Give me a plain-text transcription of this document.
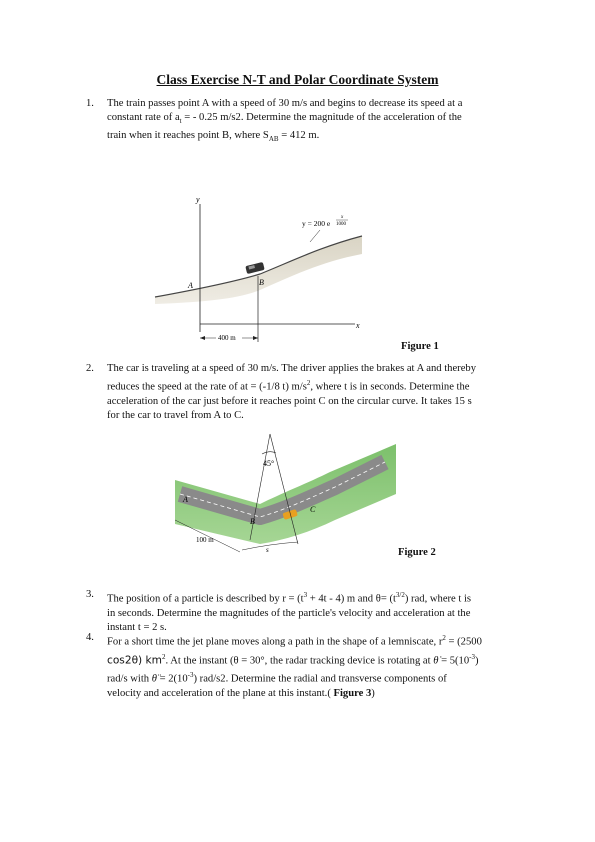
Class Exercise N-T and Polar Coordinate System
1. The train passes point A with a speed of 30 m/s and begins to decrease its speed at a
constant rate of $a_t$ = - 0.25 m/s2. Determine the magnitude of the acceleration of the
train when it reaches point B, where $S_{AB} = 412$ m.
y
x
B
A
400 m
y = 200 e
x
1000
Figure 1
2. The car is traveling at a speed of 30 m/s. The driver applies the brakes at A and thereby
reduces the speed at the rate of at = (-1/8 t) $m/s^2$, where t is in seconds. Determine the
acceleration of the car just before it reaches point C on the circular curve. It takes 15 s
for the car to travel from A to C.
45°
A
B
C
100 m
s	Figure 2
3. The position of a particle is described by $r = (t^3 + 4t - 4)$ m and $\theta= (t^{3/2})$ rad, where t is
in seconds. Determine the magnitudes of the particle's velocity and acceleration at the
instant t = 2 s.
4. For a short time the jet plane moves along a path in the shape of a lemniscate, $r^2 = (2500$
cos2θ) $km^2$. At the instant (θ = 30°, the radar tracking device is rotating at θ̇ = $5(10^{-3})$
rad/s with θ̈ = $2(10^{-3})$ rad/s2. Determine the radial and transverse components of
velocity and acceleration of the plane at this instant.( Figure 3)
